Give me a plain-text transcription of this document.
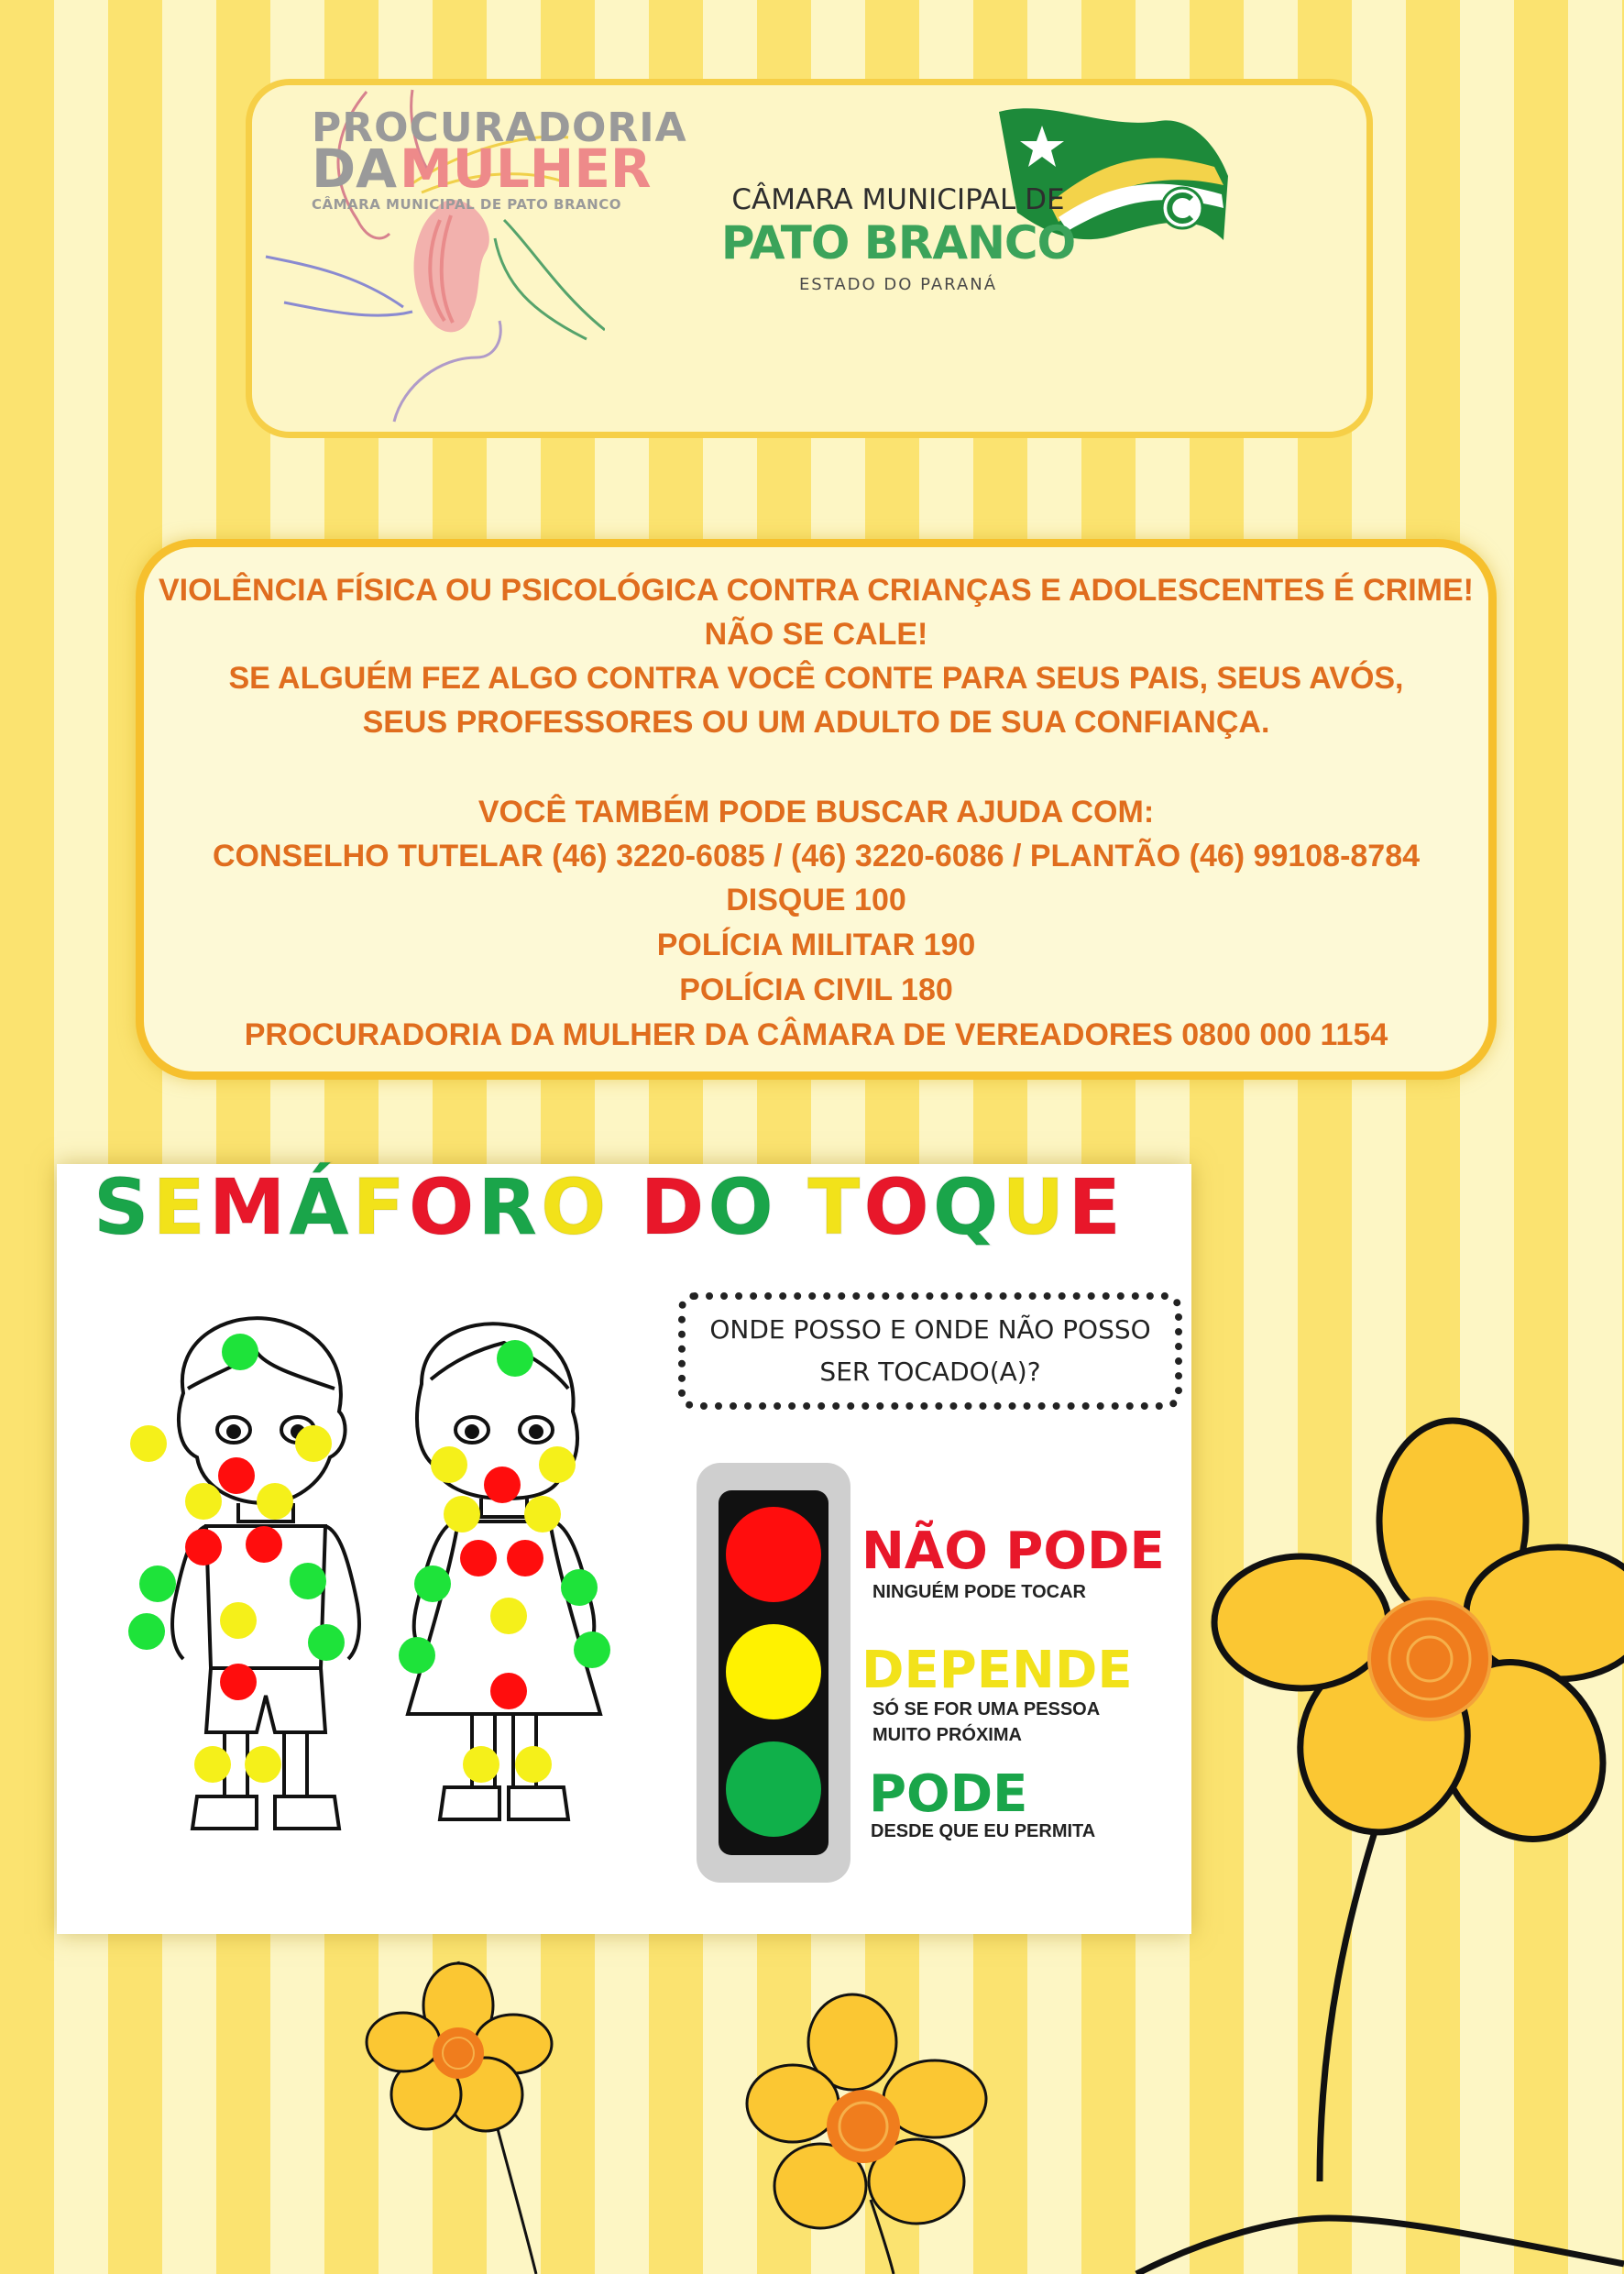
PROCURADORIA

DA MULHER

CÂMARA MUNICIPAL DE PATO BRANCO	CÂMARA MUNICIPAL DE

PATO BRANCO

ESTADO DO PARANÁ

VIOLÊNCIA FÍSICA OU PSICOLÓGICA CONTRA CRIANÇAS E ADOLESCENTES É CRIME!

NÃO SE CALE!

SE ALGUÉM FEZ ALGO CONTRA VOCÊ CONTE PARA SEUS PAIS, SEUS AVÓS,

SEUS PROFESSORES OU UM ADULTO DE SUA CONFIANÇA.

VOCÊ TAMBÉM PODE BUSCAR AJUDA COM:

CONSELHO TUTELAR (46) 3220-6085 / (46) 3220-6086 / PLANTÃO (46) 99108-8784

DISQUE 100

POLÍCIA MILITAR 190

POLÍCIA CIVIL 180

PROCURADORIA DA MULHER DA CÂMARA DE VEREADORES 0800 000 1154

SEMÁFORO DO TOQUE

ONDE POSSO E ONDE NÃO POSSO

SER TOCADO(A)?

NÃO PODE

NINGUÉM PODE TOCAR

DEPENDE

SÓ SE FOR UMA PESSOA

MUITO PRÓXIMA

PODE

DESDE QUE EU PERMITA
